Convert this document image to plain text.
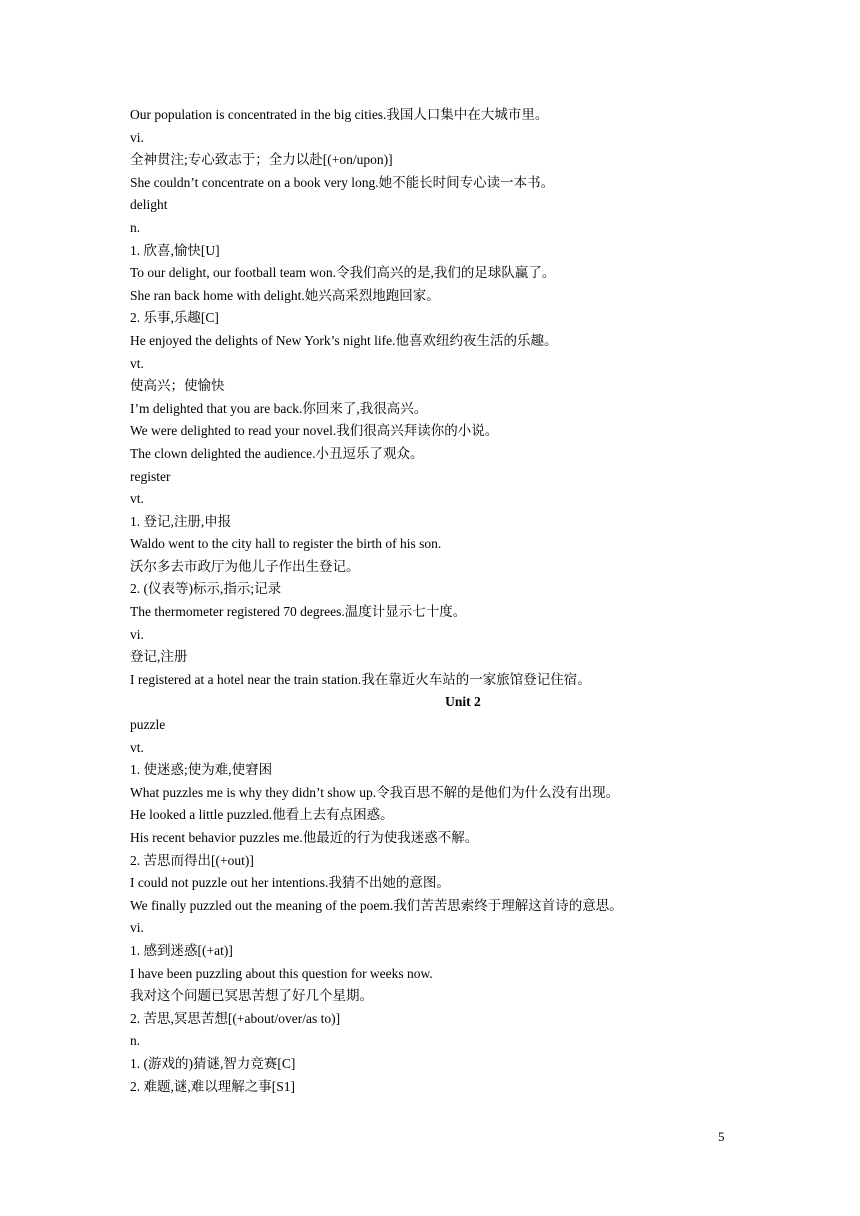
Our population is concentrated in the big cities.我国人口集中在大城市里。
vi.
全神贯注;专心致志于；全力以赴[(+on/upon)]
She couldn’t concentrate on a book very long.她不能长时间专心读一本书。
delight
n.
1. 欣喜,愉快[U]
To our delight, our football team won.令我们高兴的是,我们的足球队赢了。
She ran back home with delight.她兴高采烈地跑回家。
2. 乐事,乐趣[C]
He enjoyed the delights of New York’s night life.他喜欢纽约夜生活的乐趣。
vt.
使高兴；使愉快
I’m delighted that you are back.你回来了,我很高兴。
We were delighted to read your novel.我们很高兴拜读你的小说。
The clown delighted the audience.小丑逗乐了观众。
register
vt.
1. 登记,注册,申报
Waldo went to the city hall to register the birth of his son.
沃尔多去市政厅为他儿子作出生登记。
2. (仪表等)标示,指示;记录
The thermometer registered 70 degrees.温度计显示七十度。
vi.
登记,注册
I registered at a hotel near the train station.我在靠近火车站的一家旅馆登记住宿。
Unit 2
puzzle
vt.
1. 使迷惑;使为难,使窘困
What puzzles me is why they didn’t show up.令我百思不解的是他们为什么没有出现。
He looked a little puzzled.他看上去有点困惑。
His recent behavior puzzles me.他最近的行为使我迷惑不解。
2. 苦思而得出[(+out)]
I could not puzzle out her intentions.我猜不出她的意图。
We finally puzzled out the meaning of the poem.我们苦苦思索终于理解这首诗的意思。
vi.
1. 感到迷惑[(+at)]
I have been puzzling about this question for weeks now.
我对这个问题已冥思苦想了好几个星期。
2. 苦思,冥思苦想[(+about/over/as to)]
n.
1. (游戏的)猜谜,智力竞赛[C]
2. 难题,谜,难以理解之事[S1]
5
